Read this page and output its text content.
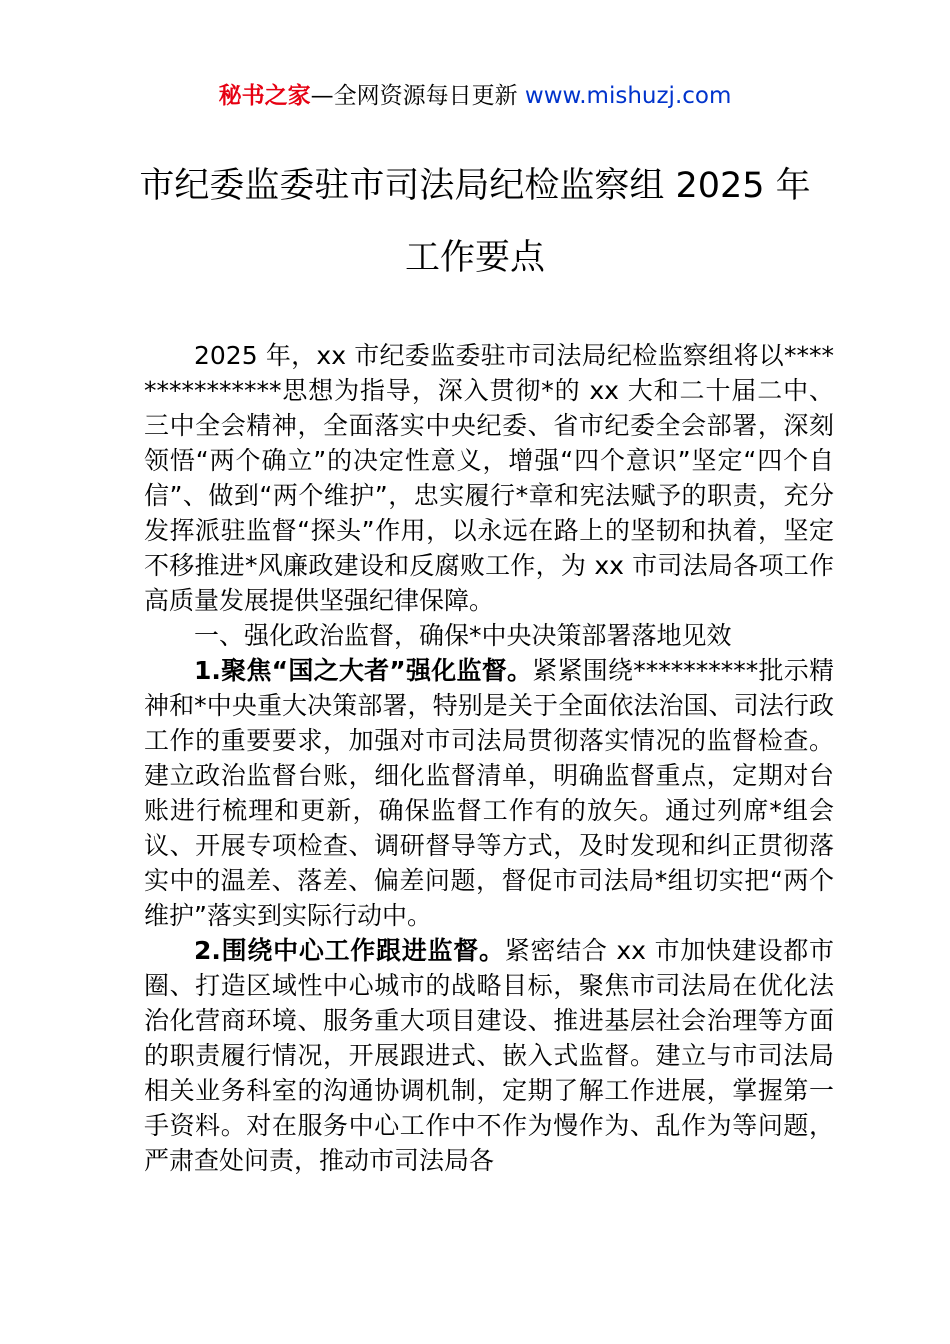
秘书之家—全网资源每日更新 www.mishuzj.com
市纪委监委驻市司法局纪检监察组 2025 年
工作要点

2025 年，xx 市纪委监委驻市司法局纪检监察组将以***************思想为指导，深入贯彻*的 xx 大和二十届二中、三中全会精神，全面落实中央纪委、省市纪委全会部署，深刻领悟“两个确立”的决定性意义，增强“四个意识”坚定“四个自信”、做到“两个维护”，忠实履行*章和宪法赋予的职责，充分发挥派驻监督“探头”作用，以永远在路上的坚韧和执着，坚定不移推进*风廉政建设和反腐败工作，为 xx 市司法局各项工作高质量发展提供坚强纪律保障。

一、强化政治监督，确保*中央决策部署落地见效

1.聚焦“国之大者”强化监督。紧紧围绕**********批示精神和*中央重大决策部署，特别是关于全面依法治国、司法行政工作的重要要求，加强对市司法局贯彻落实情况的监督检查。建立政治监督台账，细化监督清单，明确监督重点，定期对台账进行梳理和更新，确保监督工作有的放矢。通过列席*组会议、开展专项检查、调研督导等方式，及时发现和纠正贯彻落实中的温差、落差、偏差问题，督促市司法局*组切实把“两个维护”落实到实际行动中。

2.围绕中心工作跟进监督。紧密结合 xx 市加快建设都市圈、打造区域性中心城市的战略目标，聚焦市司法局在优化法治化营商环境、服务重大项目建设、推进基层社会治理等方面的职责履行情况，开展跟进式、嵌入式监督。建立与市司法局相关业务科室的沟通协调机制，定期了解工作进展，掌握第一手资料。对在服务中心工作中不作为慢作为、乱作为等问题，严肃查处问责，推动市司法局各
